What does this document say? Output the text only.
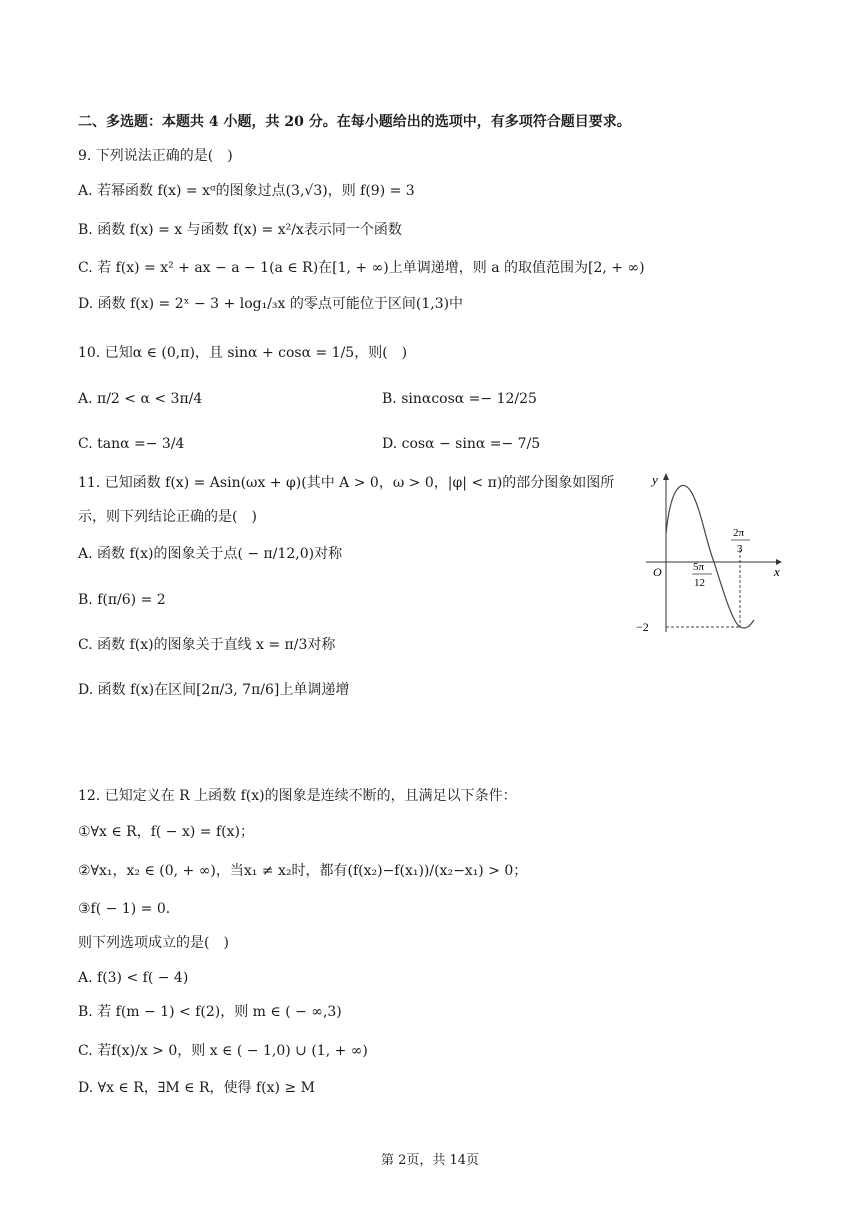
二、多选题：本题共 4 小题，共 20 分。在每小题给出的选项中，有多项符合题目要求。
9. 下列说法正确的是(　)
A. 若幂函数 f(x) = xᵅ的图象过点(3,√3)，则 f(9) = 3
B. 函数 f(x) = x 与函数 f(x) = x²/x表示同一个函数
C. 若 f(x) = x² + ax − a − 1(a ∈ R)在[1, + ∞)上单调递增，则 a 的取值范围为[2, + ∞)
D. 函数 f(x) = 2ˣ − 3 + log₁/₃x 的零点可能位于区间(1,3)中
10. 已知α ∈ (0,π)，且 sinα + cosα = 1/5，则(　)
A. π/2 < α < 3π/4	B. sinαcosα =− 12/25
C. tanα =− 3/4	D. cosα − sinα =− 7/5
11. 已知函数 f(x) = Asin(ωx + φ)(其中 A > 0，ω > 0，|φ| < π)的部分图象如图所
示，则下列结论正确的是(　)
A. 函数 f(x)的图象关于点( − π/12,0)对称
B. f(π/6) = 2
C. 函数 f(x)的图象关于直线 x = π/3对称
D. 函数 f(x)在区间[2π/3, 7π/6]上单调递增
y
x
O
−2
5π
12
2π
3
12. 已知定义在 R 上函数 f(x)的图象是连续不断的，且满足以下条件：
①∀x ∈ R，f( − x) = f(x)；
②∀x₁，x₂ ∈ (0, + ∞)，当x₁ ≠ x₂时，都有(f(x₂)−f(x₁))/(x₂−x₁) > 0；
③f( − 1) = 0．
则下列选项成立的是(　)
A. f(3) < f( − 4)
B. 若 f(m − 1) < f(2)，则 m ∈ ( − ∞,3)
C. 若f(x)/x > 0，则 x ∈ ( − 1,0) ∪ (1, + ∞)
D. ∀x ∈ R，∃M ∈ R，使得 f(x) ≥ M
第 2页，共 14页
